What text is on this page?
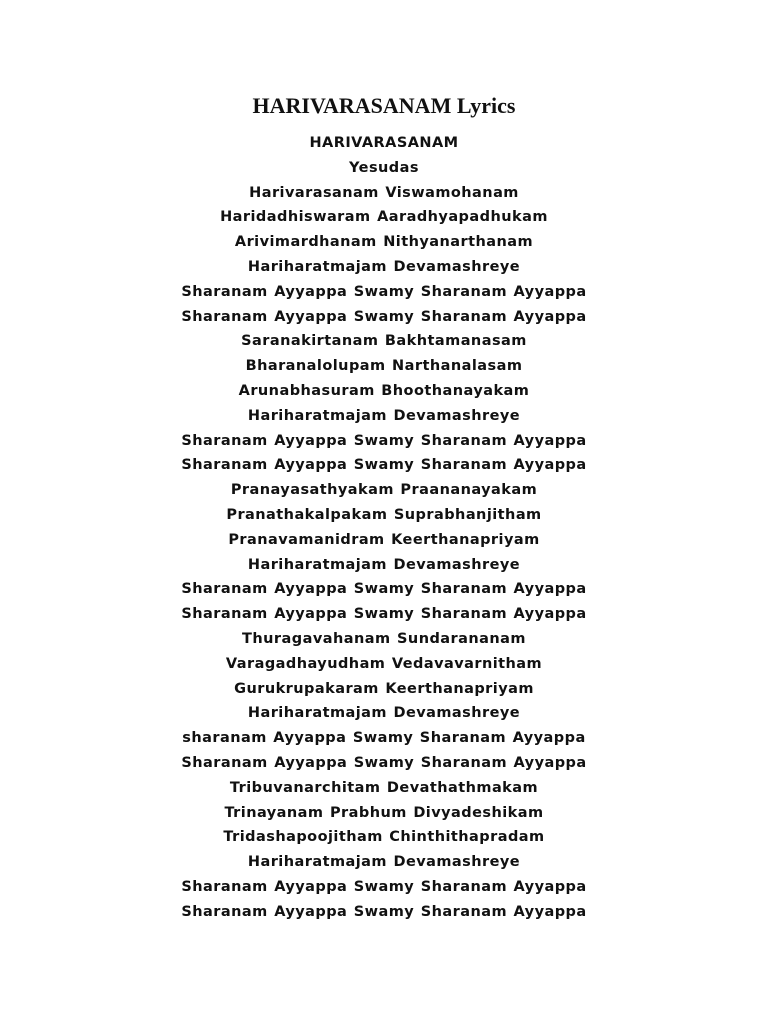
HARIVARASANAM Lyrics
HARIVARASANAM
Yesudas
Harivarasanam Viswamohanam
Haridadhiswaram Aaradhyapadhukam
Arivimardhanam Nithyanarthanam
Hariharatmajam Devamashreye
Sharanam Ayyappa Swamy Sharanam Ayyappa
Sharanam Ayyappa Swamy Sharanam Ayyappa
Saranakirtanam Bakhtamanasam
Bharanalolupam Narthanalasam
Arunabhasuram Bhoothanayakam
Hariharatmajam Devamashreye
Sharanam Ayyappa Swamy Sharanam Ayyappa
Sharanam Ayyappa Swamy Sharanam Ayyappa
Pranayasathyakam Praananayakam
Pranathakalpakam Suprabhanjitham
Pranavamanidram Keerthanapriyam
Hariharatmajam Devamashreye
Sharanam Ayyappa Swamy Sharanam Ayyappa
Sharanam Ayyappa Swamy Sharanam Ayyappa
Thuragavahanam Sundarananam
Varagadhayudham Vedavavarnitham
Gurukrupakaram Keerthanapriyam
Hariharatmajam Devamashreye
sharanam Ayyappa Swamy Sharanam Ayyappa
Sharanam Ayyappa Swamy Sharanam Ayyappa
Tribuvanarchitam Devathathmakam
Trinayanam Prabhum Divyadeshikam
Tridashapoojitham Chinthithapradam
Hariharatmajam Devamashreye
Sharanam Ayyappa Swamy Sharanam Ayyappa
Sharanam Ayyappa Swamy Sharanam Ayyappa
